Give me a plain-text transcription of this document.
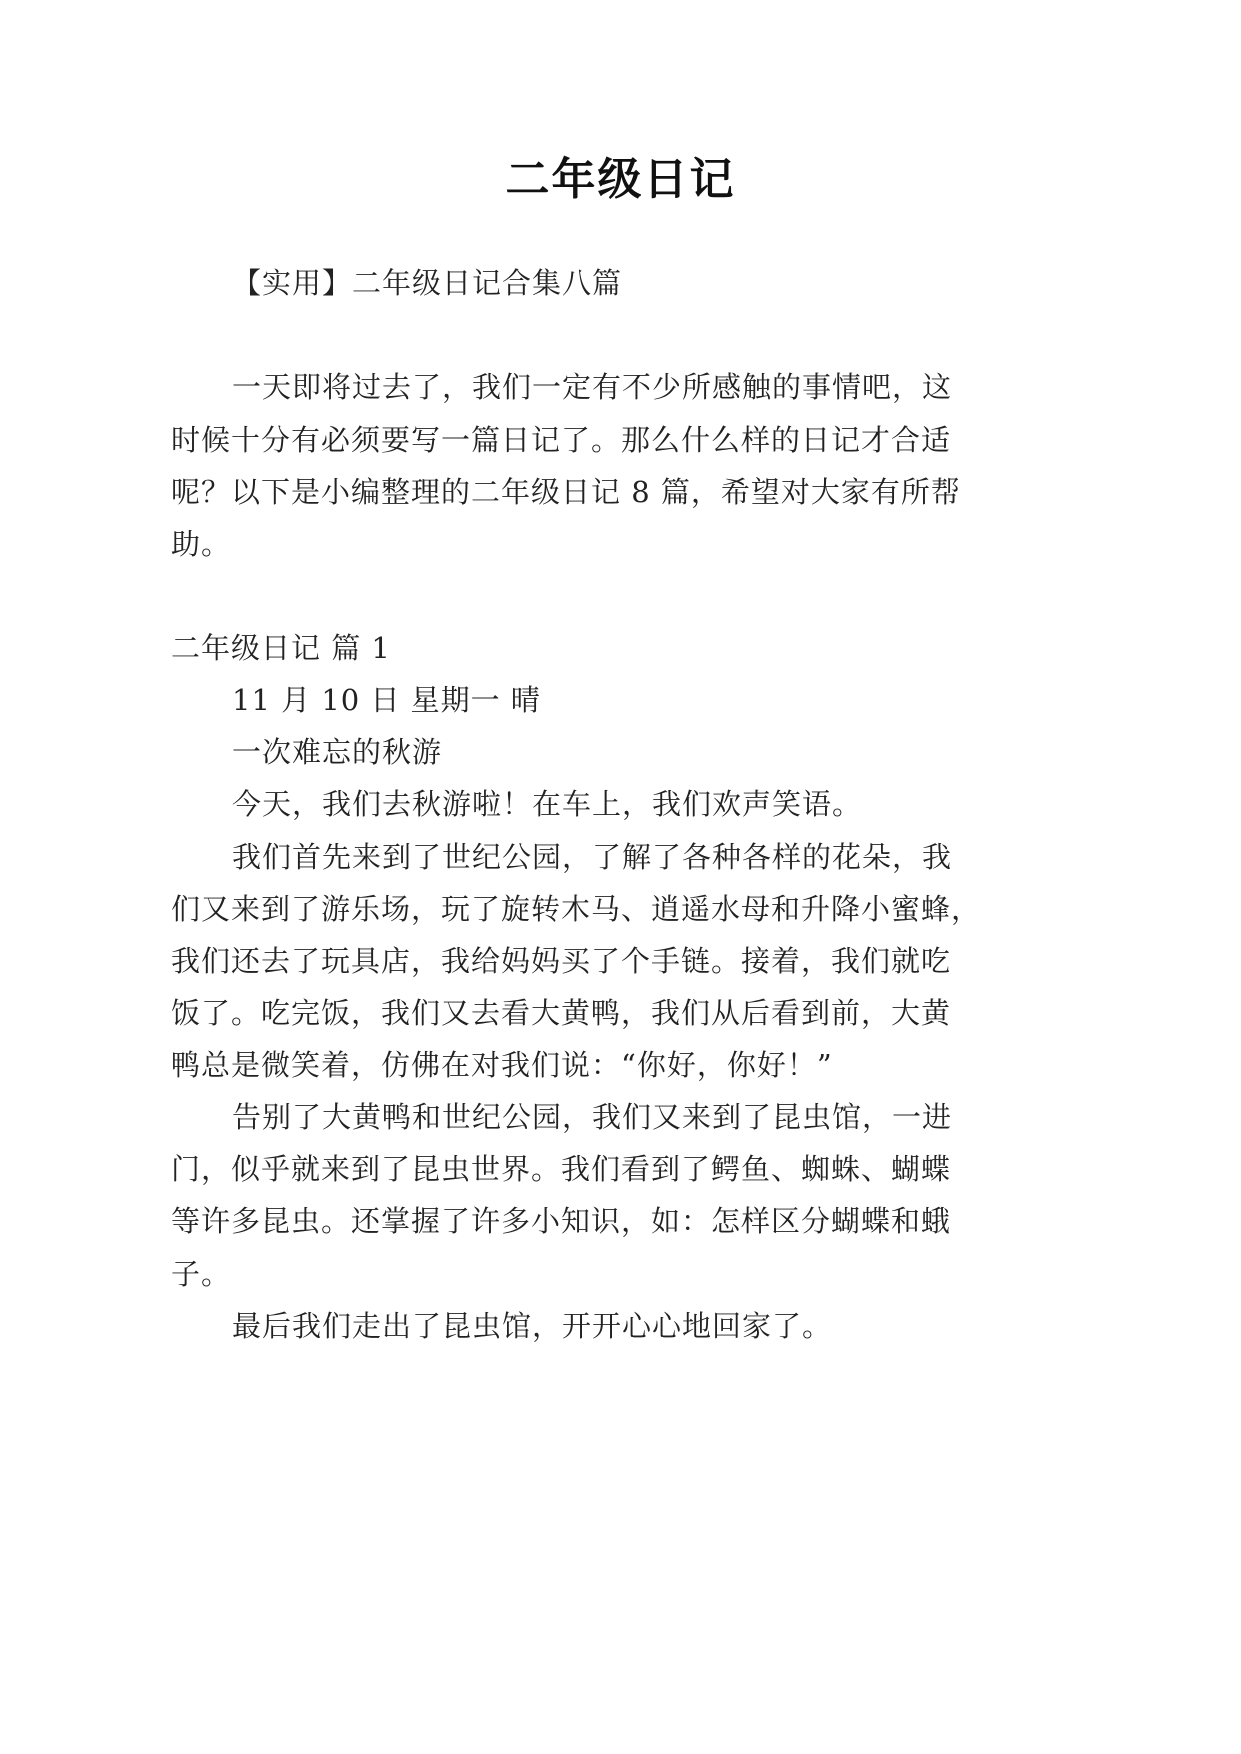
二年级日记
【实用】二年级日记合集八篇
一天即将过去了，我们一定有不少所感触的事情吧，这
时候十分有必须要写一篇日记了。那么什么样的日记才合适
呢？以下是小编整理的二年级日记 8 篇，希望对大家有所帮
助。
二年级日记 篇 1
11 月 10 日 星期一 晴
一次难忘的秋游
今天，我们去秋游啦！在车上，我们欢声笑语。
我们首先来到了世纪公园，了解了各种各样的花朵，我
们又来到了游乐场，玩了旋转木马、逍遥水母和升降小蜜蜂，
我们还去了玩具店，我给妈妈买了个手链。接着，我们就吃
饭了。吃完饭，我们又去看大黄鸭，我们从后看到前，大黄
鸭总是微笑着，仿佛在对我们说：“你好，你好！”
告别了大黄鸭和世纪公园，我们又来到了昆虫馆，一进
门，似乎就来到了昆虫世界。我们看到了鳄鱼、蜘蛛、蝴蝶
等许多昆虫。还掌握了许多小知识，如：怎样区分蝴蝶和蛾
子。
最后我们走出了昆虫馆，开开心心地回家了。
